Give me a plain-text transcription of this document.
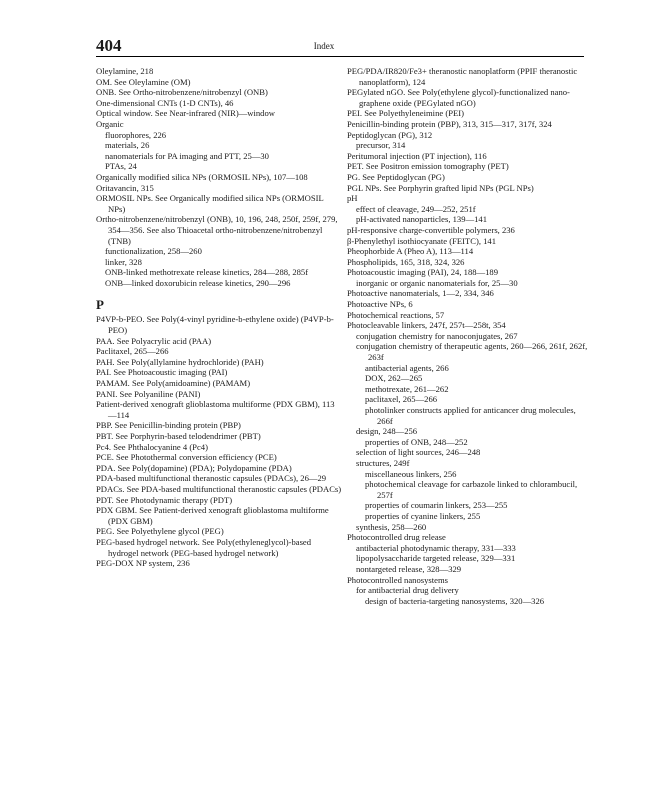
404	Index
Oleylamine, 218
OM. See Oleylamine (OM)
ONB. See Ortho-nitrobenzene/nitrobenzyl (ONB)
One-dimensional CNTs (1-D CNTs), 46
Optical window. See Near-infrared (NIR)—window
Organic
fluorophores, 226
materials, 26
nanomaterials for PA imaging and PTT, 25—30
PTAs, 24
Organically modified silica NPs (ORMOSIL NPs), 107—108
Oritavancin, 315
ORMOSIL NPs. See Organically modified silica NPs (ORMOSIL NPs)
Ortho-nitrobenzene/nitrobenzyl (ONB), 10, 196, 248, 250f, 259f, 279, 354—356. See also Thioacetal ortho-nitrobenzene/nitrobenzyl (TNB)
functionalization, 258—260
linker, 328
ONB-linked methotrexate release kinetics, 284—288, 285f
ONB—linked doxorubicin release kinetics, 290—296
P
P4VP-b-PEO. See Poly(4-vinyl pyridine-b-ethylene oxide) (P4VP-b-PEO)
PAA. See Polyacrylic acid (PAA)
Paclitaxel, 265—266
PAH. See Poly(allylamine hydrochloride) (PAH)
PAI. See Photoacoustic imaging (PAI)
PAMAM. See Poly(amidoamine) (PAMAM)
PANI. See Polyaniline (PANI)
Patient-derived xenograft glioblastoma multiforme (PDX GBM), 113—114
PBP. See Penicillin-binding protein (PBP)
PBT. See Porphyrin-based telodendrimer (PBT)
Pc4. See Phthalocyanine 4 (Pc4)
PCE. See Photothermal conversion efficiency (PCE)
PDA. See Poly(dopamine) (PDA); Polydopamine (PDA)
PDA-based multifunctional theranostic capsules (PDACs), 26—29
PDACs. See PDA-based multifunctional theranostic capsules (PDACs)
PDT. See Photodynamic therapy (PDT)
PDX GBM. See Patient-derived xenograft glioblastoma multiforme (PDX GBM)
PEG. See Polyethylene glycol (PEG)
PEG-based hydrogel network. See Poly(ethyleneglycol)-based hydrogel network (PEG-based hydrogel network)
PEG-DOX NP system, 236
PEG/PDA/IR820/Fe3+ theranostic nanoplatform (PPIF theranostic nanoplatform), 124
PEGylated nGO. See Poly(ethylene glycol)-functionalized nano-graphene oxide (PEGylated nGO)
PEI. See Polyethyleneimine (PEI)
Penicillin-binding protein (PBP), 313, 315—317, 317f, 324
Peptidoglycan (PG), 312
precursor, 314
Peritumoral injection (PT injection), 116
PET. See Positron emission tomography (PET)
PG. See Peptidoglycan (PG)
PGL NPs. See Porphyrin grafted lipid NPs (PGL NPs)
pH
effect of cleavage, 249—252, 251f
pH-activated nanoparticles, 139—141
pH-responsive charge-convertible polymers, 236
β-Phenylethyl isothiocyanate (FEITC), 141
Pheophorbide A (Pheo A), 113—114
Phospholipids, 165, 318, 324, 326
Photoacoustic imaging (PAI), 24, 188—189
inorganic or organic nanomaterials for, 25—30
Photoactive nanomaterials, 1—2, 334, 346
Photoactive NPs, 6
Photochemical reactions, 57
Photocleavable linkers, 247f, 257t—258t, 354
conjugation chemistry for nanoconjugates, 267
conjugation chemistry of therapeutic agents, 260—266, 261f, 262f, 263f
antibacterial agents, 266
DOX, 262—265
methotrexate, 261—262
paclitaxel, 265—266
photolinker constructs applied for anticancer drug molecules, 266f
design, 248—256
properties of ONB, 248—252
selection of light sources, 246—248
structures, 249f
miscellaneous linkers, 256
photochemical cleavage for carbazole linked to chlorambucil, 257f
properties of coumarin linkers, 253—255
properties of cyanine linkers, 255
synthesis, 258—260
Photocontrolled drug release
antibacterial photodynamic therapy, 331—333
lipopolysaccharide targeted release, 329—331
nontargeted release, 328—329
Photocontrolled nanosystems
for antibacterial drug delivery
design of bacteria-targeting nanosystems, 320—326
